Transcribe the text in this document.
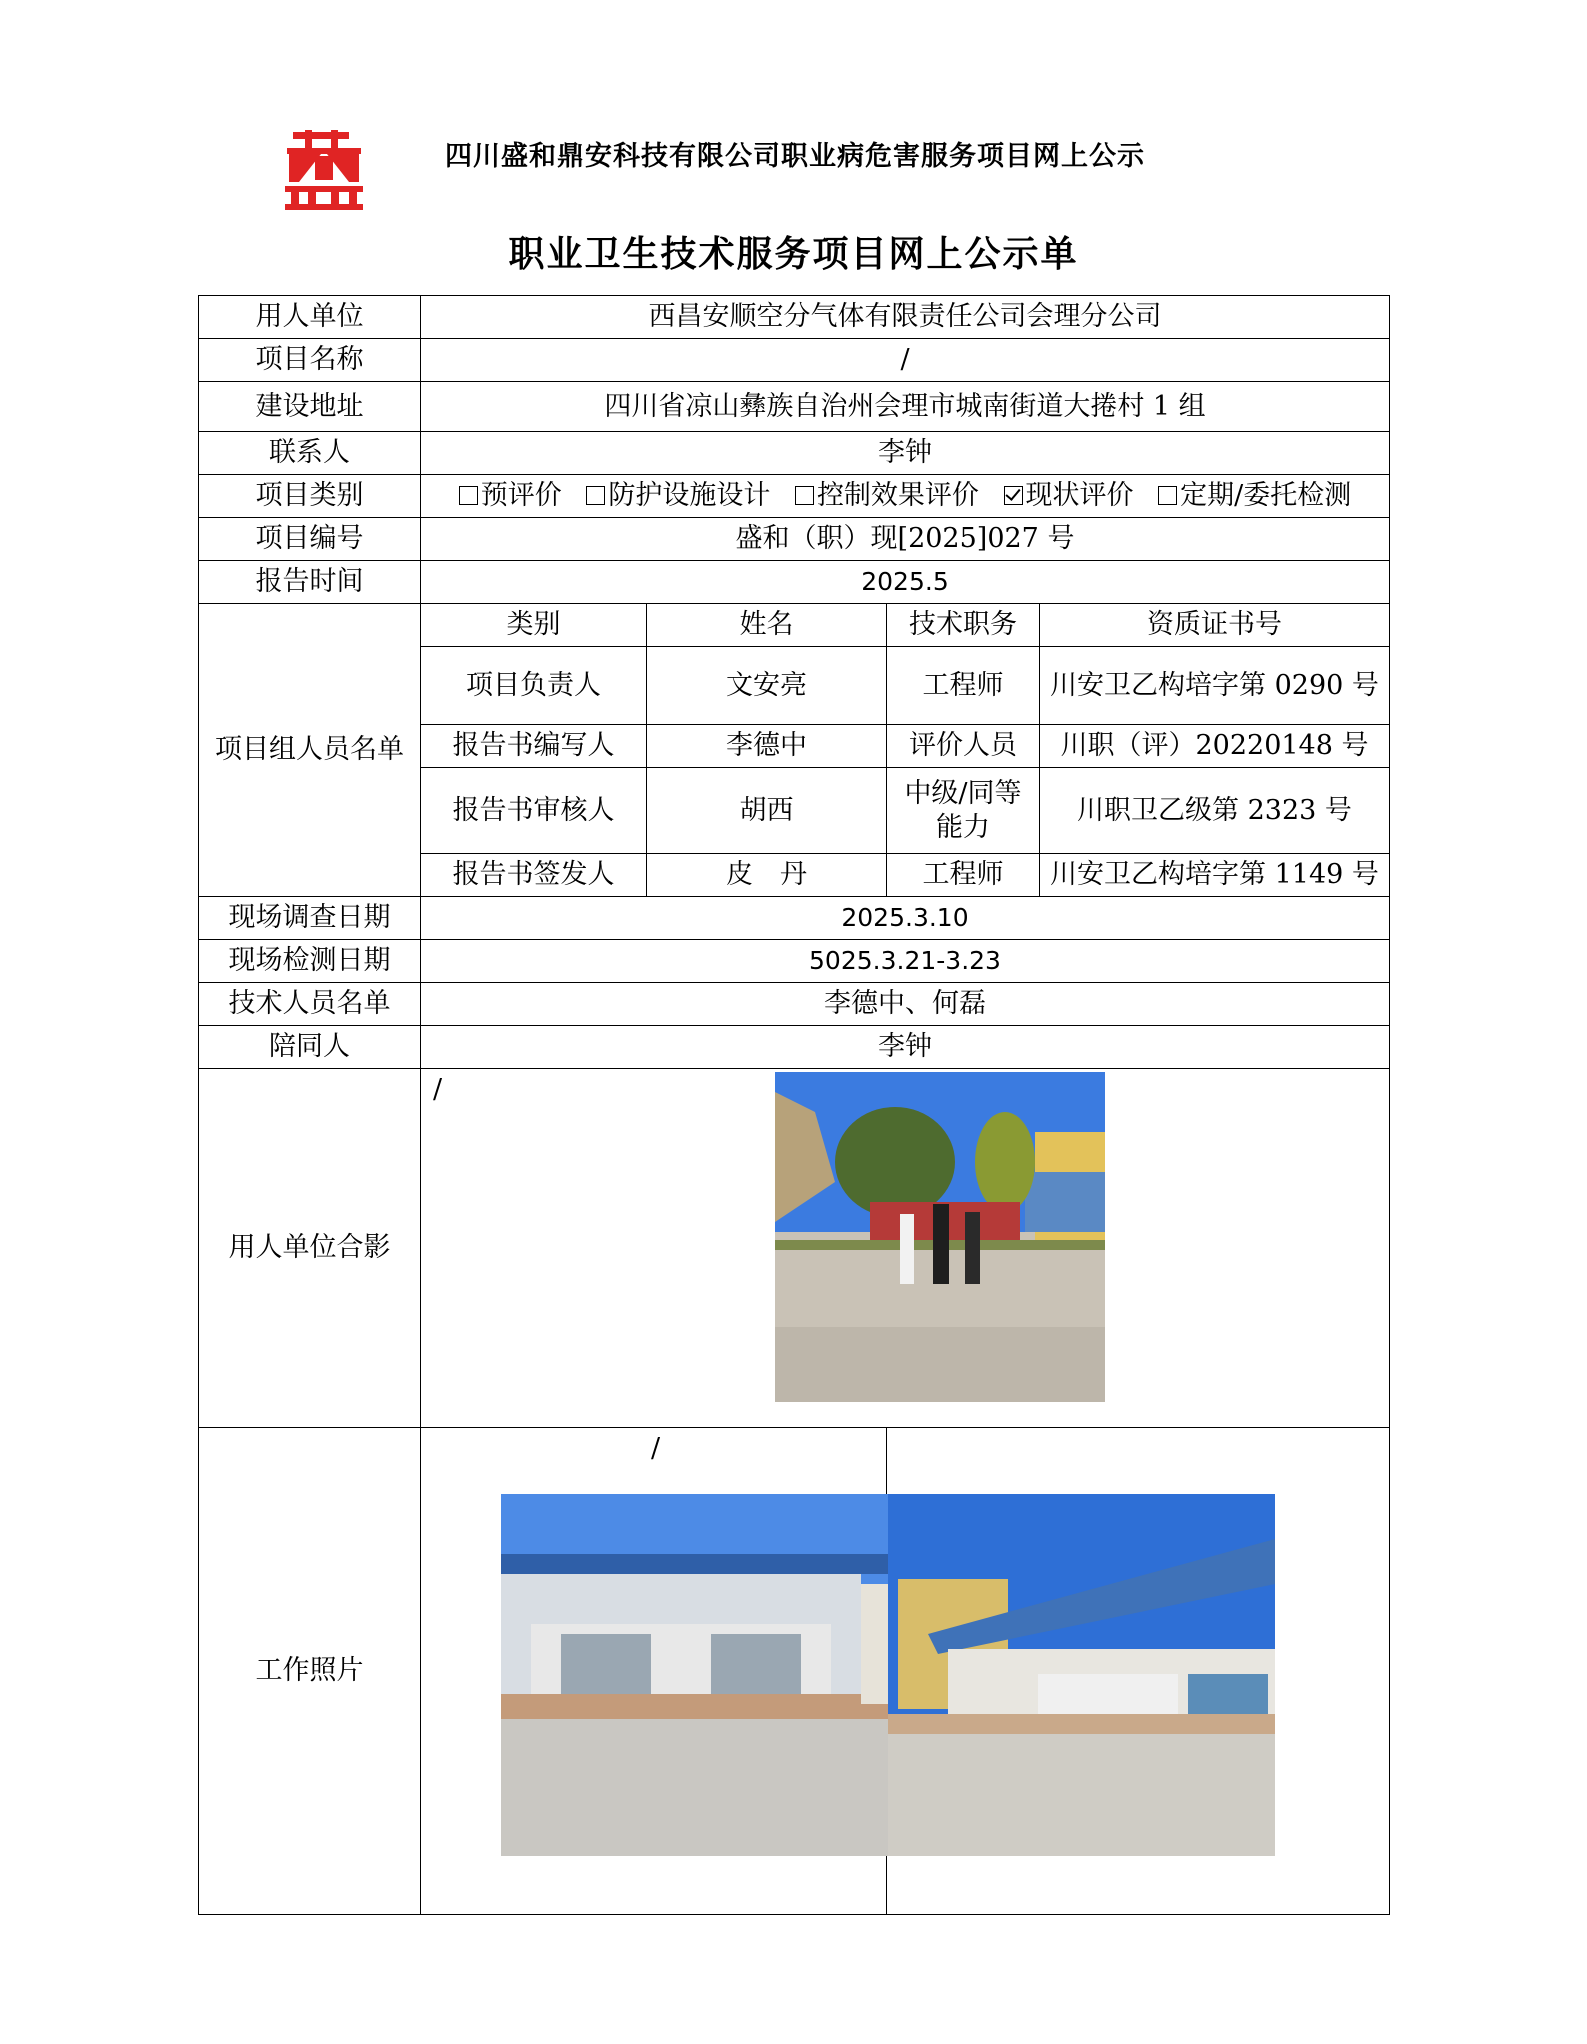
四川盛和鼎安科技有限公司职业病危害服务项目网上公示
职业卫生技术服务项目网上公示单
用人单位	西昌安顺空分气体有限责任公司会理分公司			
项目名称	/			
建设地址	四川省凉山彝族自治州会理市城南街道大捲村 1 组			
联系人	李钟			
项目类别	预评价 防护设施设计 控制效果评价 现状评价 定期/委托检测			
项目编号	盛和（职）现[2025]027 号			
报告时间	2025.5			
项目组人员名单	类别	姓名	技术职务	资质证书号
	项目负责人	文安亮	工程师	川安卫乙构培字第 0290 号
	报告书编写人	李德中	评价人员	川职（评）20220148 号
	报告书审核人	胡西	中级/同等能力	川职卫乙级第 2323 号
	报告书签发人	皮　丹	工程师	川安卫乙构培字第 1149 号
现场调查日期	2025.3.10			
现场检测日期	5025.3.21-3.23			
技术人员名单	李德中、何磊			
陪同人	李钟			
用人单位合影	/			

工作照片	/			
